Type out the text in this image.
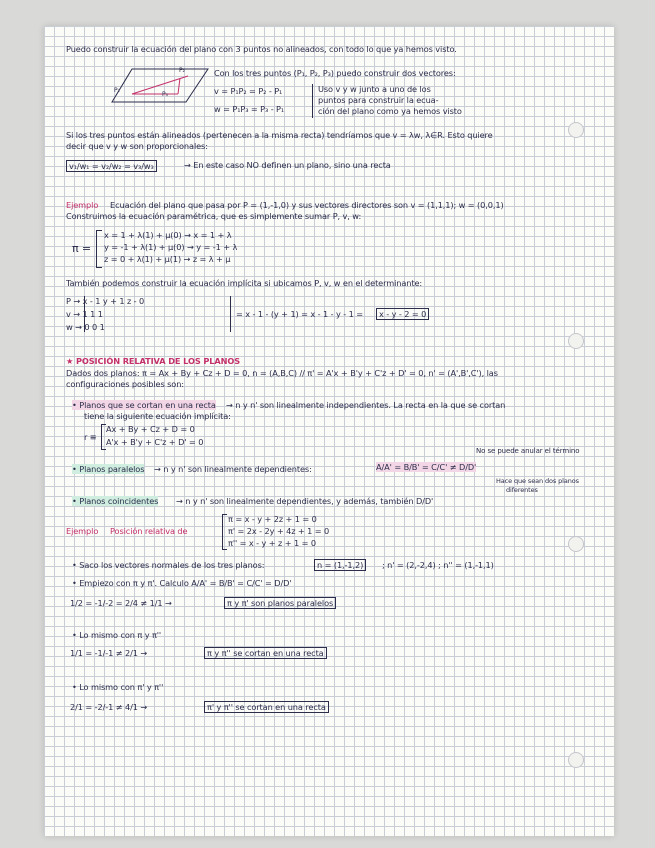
P₁
P₂
P₃
Puedo construir la ecuación del plano con 3 puntos no alineados, con todo lo que ya hemos visto.
Con los tres puntos (P₁, P₂, P₃) puedo construir dos vectores:
v = P₁P₂ = P₂ - P₁
w = P₁P₃ = P₃ - P₁
Uso v y w junto a uno de los
puntos para construir la ecua-
ción del plano como ya hemos visto
Si los tres puntos están alineados (pertenecen a la misma recta) tendríamos que v = λw, λ∈R. Esto quiere
decir que v y w son proporcionales:
v₁/w₁ = v₂/w₂ = v₃/w₃	→ En este caso NO definen un plano, sino una recta
Ejemplo Ecuación del plano que pasa por P = (1,-1,0) y sus vectores directores son v = (1,1,1); w = (0,0,1)
Construimos la ecuación paramétrica, que es simplemente sumar P, v, w:
π =
x = 1 + λ(1) + μ(0) → x = 1 + λ
y = -1 + λ(1) + μ(0) → y = -1 + λ
z = 0 + λ(1) + μ(1) → z = λ + μ
También podemos construir la ecuación implícita si ubicamos P, v, w en el determinante:
P → x - 1 y + 1 z - 0
v → 1 1 1
w → 0 0 1
= x - 1 - (y + 1) = x - 1 - y - 1 =	x - y - 2 = 0
★ POSICIÓN RELATIVA DE LOS PLANOS
Dados dos planos: π = Ax + By + Cz + D = 0, n = (A,B,C) // π' = A'x + B'y + C'z + D' = 0, n' = (A',B',C'), las
configuraciones posibles son:
• Planos que se cortan en una recta → n y n' son linealmente independientes. La recta en la que se cortan
tiene la siguiente ecuación implícita:
r ≡
Ax + By + Cz + D = 0
A'x + B'y + C'z + D' = 0
No se puede anular el término
• Planos paralelos → n y n' son linealmente dependientes:	A/A' = B/B' = C/C' ≠ D/D'
Hace que sean dos planos
diferentes
• Planos coincidentes → n y n' son linealmente dependientes, y además, también D/D'
Ejemplo Posición relativa de
π = x - y + 2z + 1 = 0
π' = 2x - 2y + 4z + 1 = 0
π'' = x - y + z + 1 = 0
• Saco los vectores normales de los tres planos:	n = (1,-1,2)	; n' = (2,-2,4) ; n'' = (1,-1,1)
• Empiezo con π y π'. Calculo A/A' = B/B' = C/C' = D/D'
1/2 = -1/-2 = 2/4 ≠ 1/1 →	π y π' son planos paralelos
• Lo mismo con π y π''
1/1 = -1/-1 ≠ 2/1 →	π y π'' se cortan en una recta
• Lo mismo con π' y π''
2/1 = -2/-1 ≠ 4/1 →	π' y π'' se cortan en una recta
